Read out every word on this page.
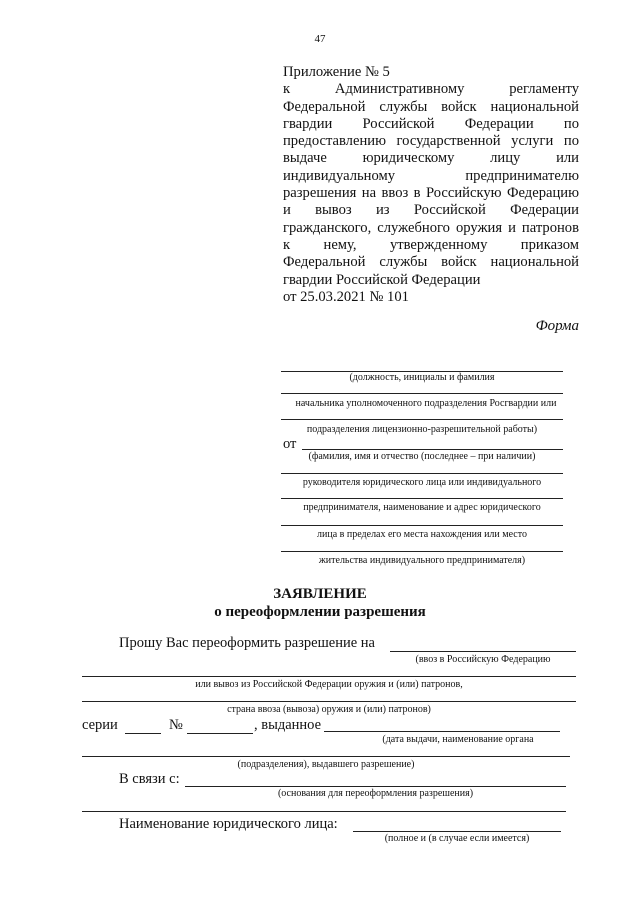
47
Приложение № 5
к Административному регламенту
Федеральной службы войск национальной
гвардии Российской Федерации по
предоставлению государственной услуги по
выдаче юридическому лицу или
индивидуальному предпринимателю
разрешения на ввоз в Российскую Федерацию
и вывоз из Российской Федерации
гражданского, служебного оружия и патронов
к нему, утвержденному приказом
Федеральной службы войск национальной
гвардии Российской Федерации
от 25.03.2021 № 101
Форма
(должность, инициалы и фамилия
начальника уполномоченного подразделения Росгвардии или
подразделения лицензионно-разрешительной работы)
от
(фамилия, имя и отчество (последнее – при наличии)
руководителя юридического лица или индивидуального
предпринимателя, наименование и адрес юридического
лица в пределах его места нахождения или место
жительства индивидуального предпринимателя)
ЗАЯВЛЕНИЕ
о переоформлении разрешения
Прошу Вас переоформить разрешение на
(ввоз в Российскую Федерацию
или вывоз из Российской Федерации оружия и (или) патронов,
страна ввоза (вывоза) оружия и (или) патронов)
серии	№	, выданное
(дата выдачи, наименование органа
(подразделения), выдавшего разрешение)
В связи с:
(основания для переоформления разрешения)
Наименование юридического лица:
(полное и (в случае если имеется)
